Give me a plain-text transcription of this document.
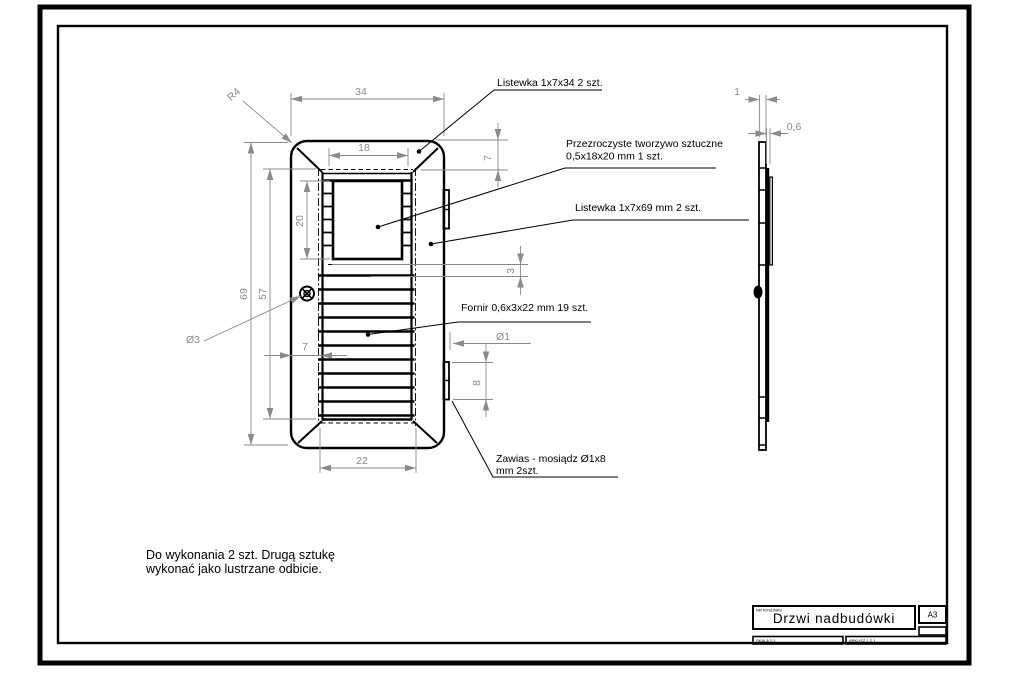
34
18
R4
69 57
20
7
3
7
22
Ø3	Ø1
8
1
0,6
Listewka 1x7x34 2 szt.
Przezroczyste tworzywo sztuczne
0,5x18x20 mm 1 szt.
Listewka 1x7x69 mm 2 szt.
Fornir 0,6x3x22 mm 19 szt.
Zawias - mosiądz Ø1x8
mm 2szt.
Do wykonania 2 szt. Drugą sztukę
wykonać jako lustrzane odbicie.
NR RYSUNKU
Drzwi nadbudówki	A3
SKALA 2:1	ARKUSZ 1 Z 1
